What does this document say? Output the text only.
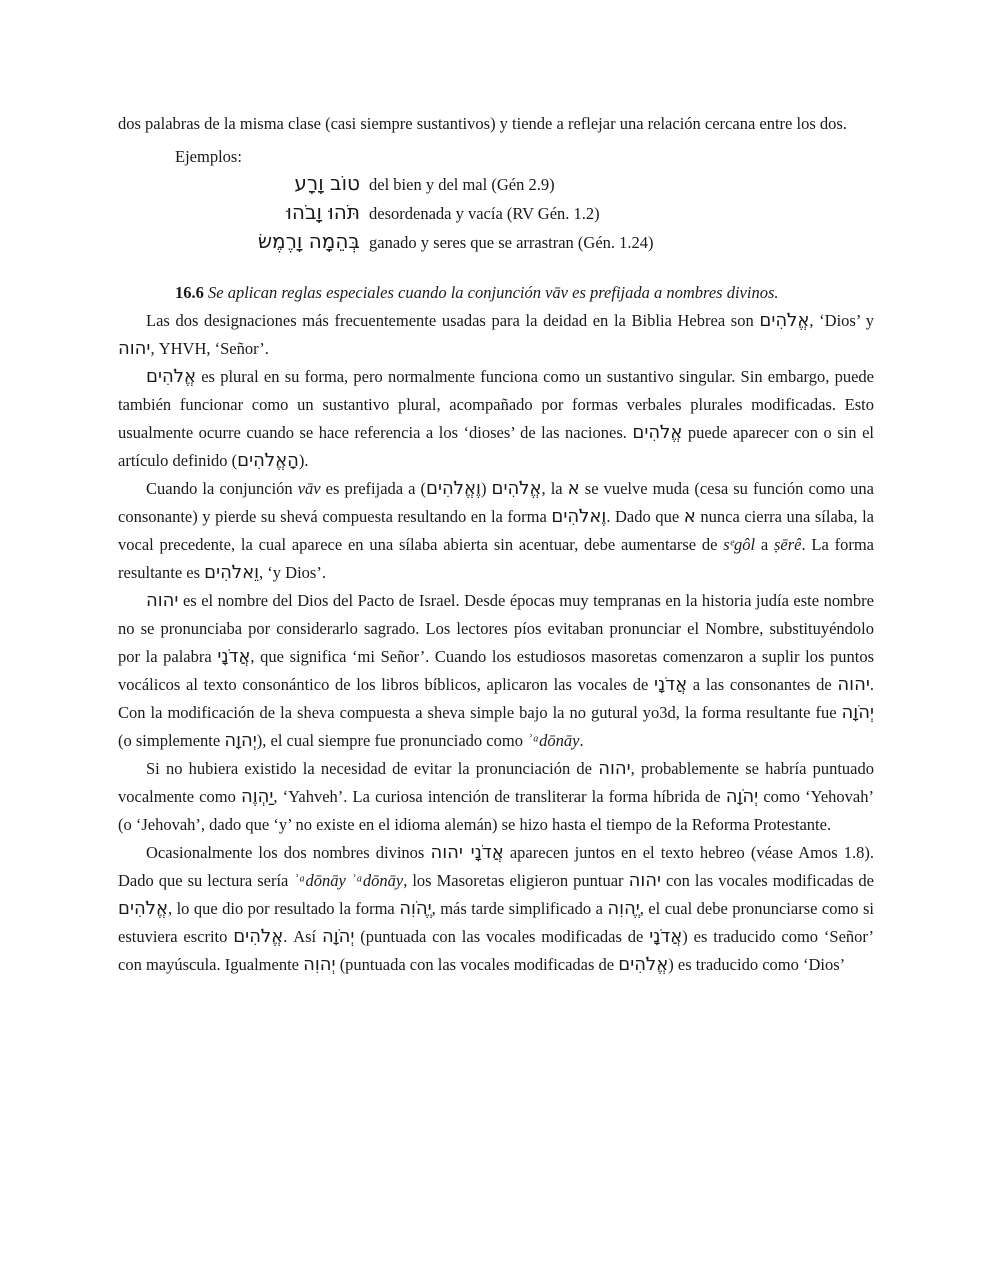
dos palabras de la misma clase (casi siempre sustantivos) y tiende a reflejar una relación cercana entre los dos.

Ejemplos:

טוֹב וָרָע del bien y del mal (Gén 2.9)
תֹּהוּ וָבֹהוּ desordenada y vacía (RV Gén. 1.2)
בְּהֵמָה וָרֶמֶשׂ ganado y seres que se arrastran (Gén. 1.24)

16.6 Se aplican reglas especiales cuando la conjunción vāv es prefijada a nombres divinos.

Las dos designaciones más frecuentemente usadas para la deidad en la Biblia Hebrea son אֱלֹהִים, ‘Dios’ y יהוה, YHVH, ‘Señor’.

אֱלֹהִים es plural en su forma, pero normalmente funciona como un sustantivo singular. Sin embargo, puede también funcionar como un sustantivo plural, acompañado por formas verbales plurales modificadas. Esto usualmente ocurre cuando se hace referencia a los ‘dioses’ de las naciones. אֱלֹהִים puede aparecer con o sin el artículo definido (הָאֱלֹהִים).

Cuando la conjunción vāv es prefijada a	אֱלֹהִים (וֶאֱלֹהִים), la א se vuelve muda (cesa su función como una consonante) y pierde su shevá compuesta resultando en la forma וֶאלֹהִים. Dado que א nunca cierra una sílaba, la vocal precedente, la cual aparece en una sílaba abierta sin acentuar, debe aumentarse de sᵉgôl a ṣērê. La forma resultante es וֵאלֹהִים, ‘y Dios’.

יהוה es el nombre del Dios del Pacto de Israel. Desde épocas muy tempranas en la historia judía este nombre no se pronunciaba por considerarlo sagrado. Los lectores píos evitaban pronunciar el Nombre, substituyéndolo por la palabra אֲדֹנָי, que significa ‘mi Señor’. Cuando los estudiosos masoretas comenzaron a suplir los puntos vocálicos al texto consonántico de los libros bíblicos, aplicaron las vocales de אֲדֹנָי a las consonantes de יהוה. Con la modificación de la sheva compuesta a sheva simple bajo la no gutural yo3d, la forma resultante fue יְהֹוָה (o simplemente יְהוָה), el cual siempre fue pronunciado como ʾᵃdōnāy.

Si no hubiera existido la necesidad de evitar la pronunciación de יהוה, probablemente se habría puntuado vocalmente como יַהְוֶה, ‘Yahveh’. La curiosa intención de transliterar la forma híbrida de יְהֹוָה como ‘Yehovah’ (o ‘Jehovah’, dado que ‘y’ no existe en el idioma alemán) se hizo hasta el tiempo de la Reforma Protestante.

Ocasionalmente los dos nombres divinos אֲדֹנָי יהוה aparecen juntos en el texto hebreo (véase Amos 1.8). Dado que su lectura sería ʾᵃdōnāy ʾᵃdōnāy, los Masoretas eligieron puntuar יהוה con las vocales modificadas de אֱלֹהִים, lo que dio por resultado la forma יֱהֹוִה, más tarde simplificado a יֱהוִה, el cual debe pronunciarse como si estuviera escrito אֱלֹהִים. Así יְהֹוָה (puntuada con las vocales modificadas de אֲדֹנָי) es traducido como ‘Señor’ con mayúscula. Igualmente יְהוִה (puntuada con las vocales modificadas de אֱלֹהִים) es traducido como ‘Dios’
